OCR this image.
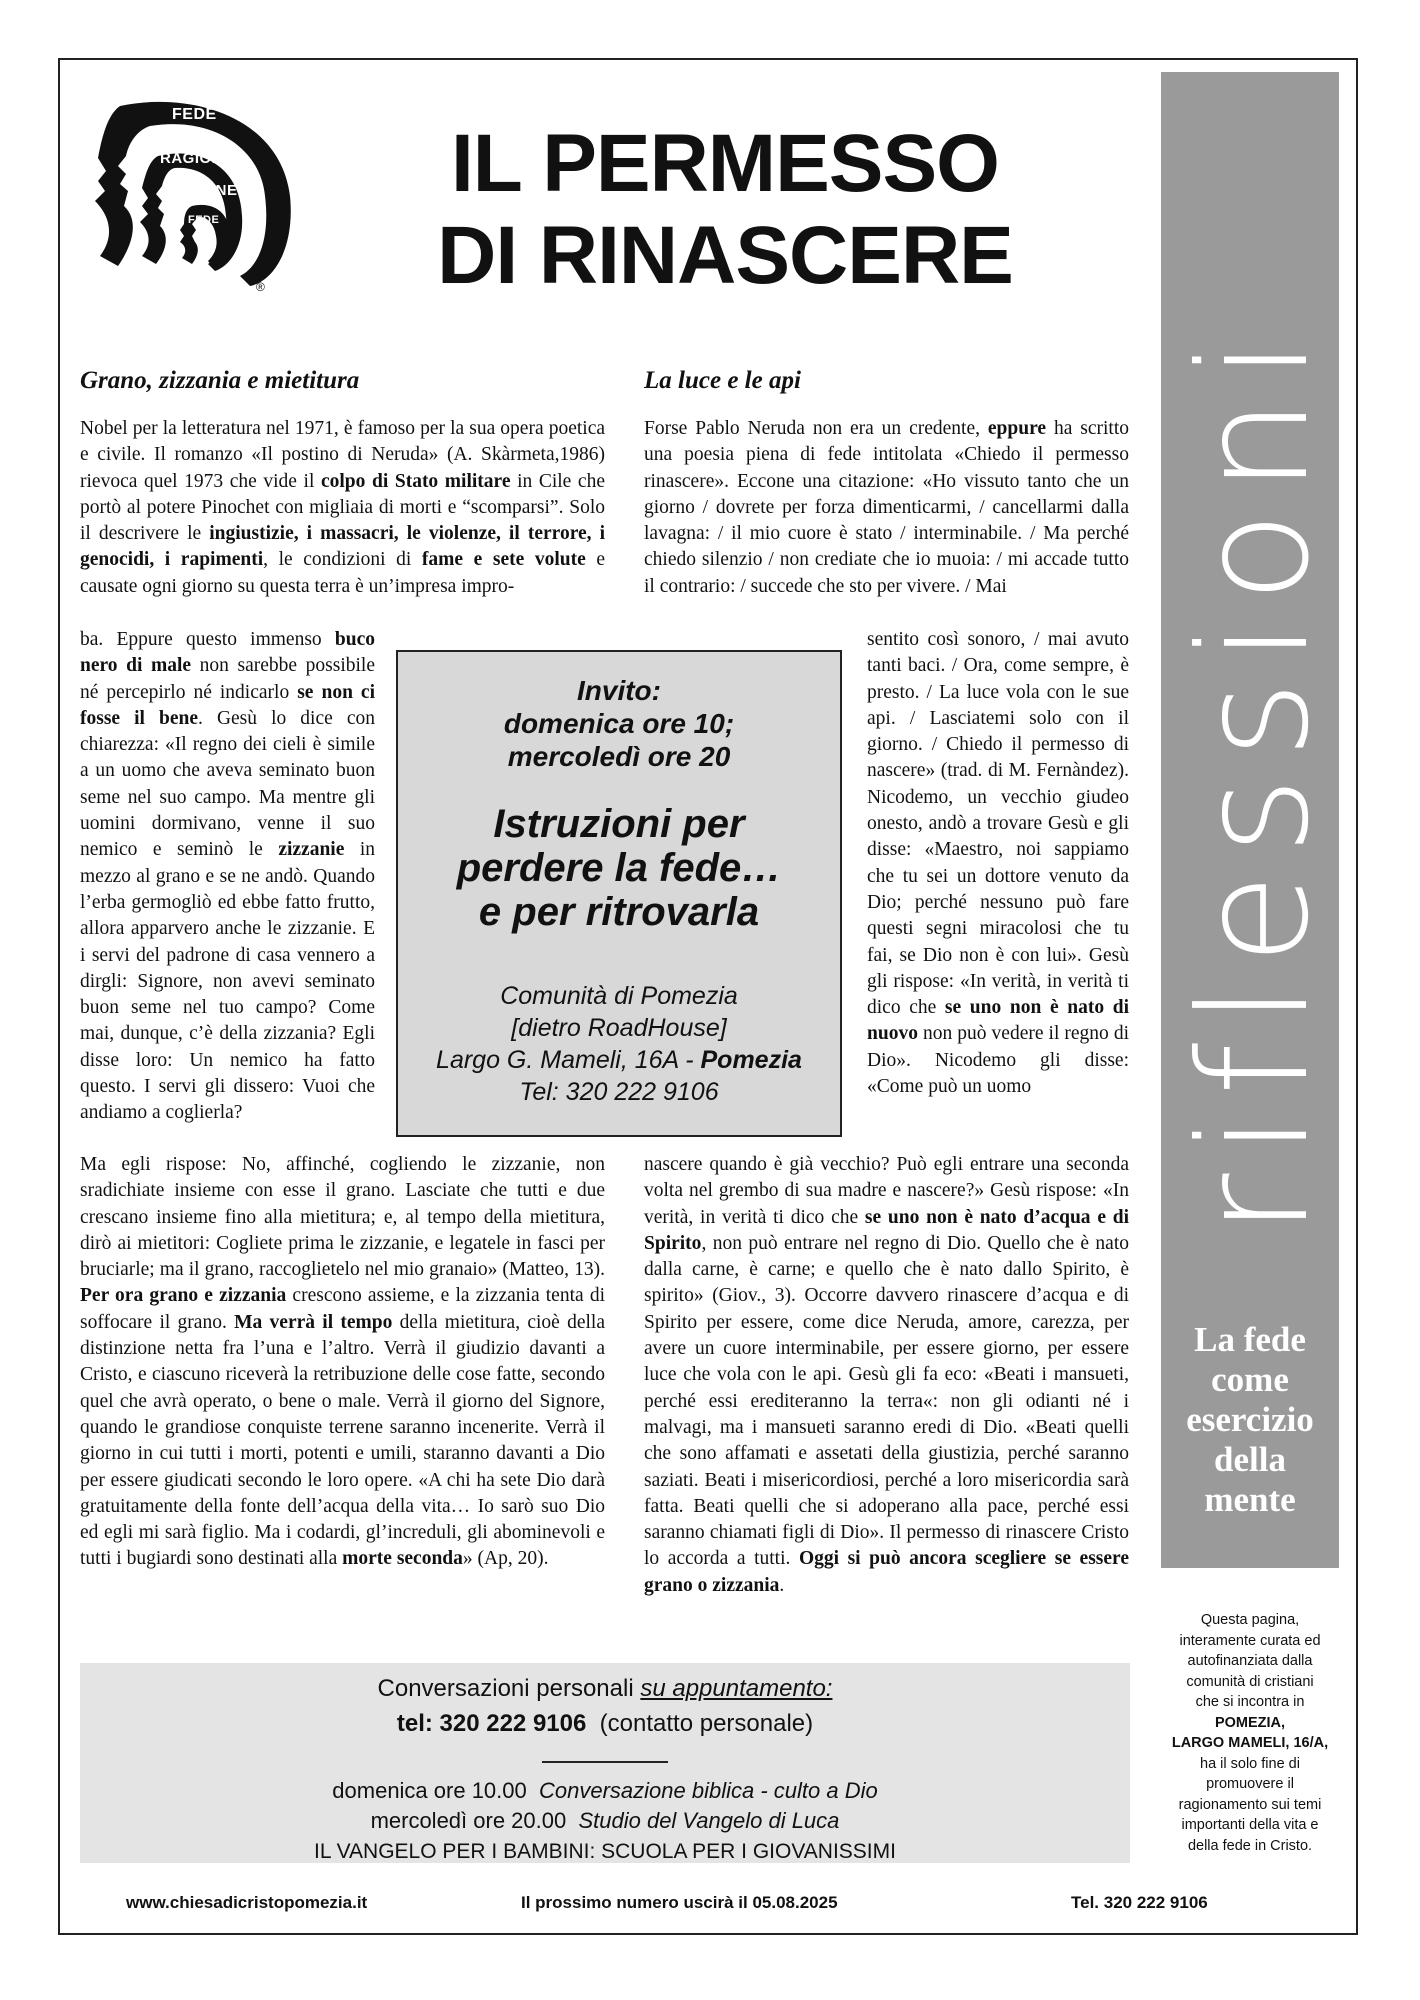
FEDE
RAGIONE
RAGIONE
FEDE
®
IL PERMESSO
DI RINASCERE
riflessioni
La fede
come
esercizio
della
mente
Questa pagina,
interamente curata ed
autofinanziata dalla
comunità di cristiani
che si incontra in
POMEZIA,
LARGO MAMELI, 16/A,
ha il solo fine di
promuovere il
ragionamento sui temi
importanti della vita e
della fede in Cristo.
Grano, zizzania e mietitura

Nobel per la letteratura nel 1971, è famoso per la sua opera poetica e civile. Il romanzo «Il postino di Neruda» (A. Skàrmeta,1986) rievoca quel 1973 che vide il colpo di Stato militare in Cile che portò al potere Pinochet con migliaia di morti e “scomparsi”. Solo il descrivere le ingiustizie, i massacri, le violenze, il terrore, i genocidi, i rapimenti, le condizioni di fame e sete volute e causate ogni giorno su questa terra è un’impresa impro-

ba. Eppure questo immenso buco nero di male non sarebbe possibile né percepirlo né indicarlo se non ci fosse il bene. Gesù lo dice con chiarezza: «Il regno dei cieli è simile a un uomo che aveva seminato buon seme nel suo campo. Ma mentre gli uomini dormivano, venne il suo nemico e seminò le zizzanie in mezzo al grano e se ne andò. Quando l’erba germogliò ed ebbe fatto frutto, allora apparvero anche le zizzanie. E i servi del padrone di casa vennero a dirgli: Signore, non avevi seminato buon seme nel tuo campo? Come mai, dunque, c’è della zizzania? Egli disse loro: Un nemico ha fatto questo. I servi gli dissero: Vuoi che andiamo a coglierla?

Ma egli rispose: No, affinché, cogliendo le zizzanie, non sradichiate insieme con esse il grano. Lasciate che tutti e due crescano insieme fino alla mietitura; e, al tempo della mietitura, dirò ai mietitori: Cogliete prima le zizzanie, e legatele in fasci per bruciarle; ma il grano, raccoglietelo nel mio granaio» (Matteo, 13). Per ora grano e zizzania crescono assieme, e la zizzania tenta di soffocare il grano. Ma verrà il tempo della mietitura, cioè della distinzione netta fra l’una e l’altro. Verrà il giudizio davanti a Cristo, e ciascuno riceverà la retribuzione delle cose fatte, secondo quel che avrà operato, o bene o male. Verrà il giorno del Signore, quando le grandiose conquiste terrene saranno incenerite. Verrà il giorno in cui tutti i morti, potenti e umili, staranno davanti a Dio per essere giudicati secondo le loro opere. «A chi ha sete Dio darà gratuitamente della fonte dell’acqua della vita… Io sarò suo Dio ed egli mi sarà figlio. Ma i codardi, gl’increduli, gli abominevoli e tutti i bugiardi sono destinati alla morte seconda» (Ap, 20).

La luce e le api

Forse Pablo Neruda non era un credente, eppure ha scritto una poesia piena di fede intitolata «Chiedo il permesso rinascere». Eccone una citazione: «Ho vissuto tanto che un giorno / dovrete per forza dimenticarmi, / cancellarmi dalla lavagna: / il mio cuore è stato / interminabile. / Ma perché chiedo silenzio / non crediate che io muoia: / mi accade tutto il contrario: / succede che sto per vivere. / Mai

sentito così sonoro, / mai avuto tanti baci. / Ora, come sempre, è presto. / La luce vola con le sue api. / Lasciatemi solo con il giorno. / Chiedo il permesso di nascere» (trad. di M. Fernàndez). Nicodemo, un vecchio giudeo onesto, andò a trovare Gesù e gli disse: «Maestro, noi sappiamo che tu sei un dottore venuto da Dio; perché nessuno può fare questi segni miracolosi che tu fai, se Dio non è con lui». Gesù gli rispose: «In verità, in verità ti dico che se uno non è nato di nuovo non può vedere il regno di Dio». Nicodemo gli disse: «Come può un uomo

nascere quando è già vecchio? Può egli entrare una seconda volta nel grembo di sua madre e nascere?» Gesù rispose: «In verità, in verità ti dico che se uno non è nato d’acqua e di Spirito, non può entrare nel regno di Dio. Quello che è nato dalla carne, è carne; e quello che è nato dallo Spirito, è spirito» (Giov., 3). Occorre davvero rinascere d’acqua e di Spirito per essere, come dice Neruda, amore, carezza, per avere un cuore interminabile, per essere giorno, per essere luce che vola con le api. Gesù gli fa eco: «Beati i mansueti, perché essi erediteranno la terra«: non gli odianti né i malvagi, ma i mansueti saranno eredi di Dio. «Beati quelli che sono affamati e assetati della giustizia, perché saranno saziati. Beati i misericordiosi, perché a loro misericordia sarà fatta. Beati quelli che si adoperano alla pace, perché essi saranno chiamati figli di Dio». Il permesso di rinascere Cristo lo accorda a tutti. Oggi si può ancora scegliere se essere grano o zizzania.

Invito:
domenica ore 10;
mercoledì ore 20
Istruzioni per
perdere la fede…
e per ritrovarla
Comunità di Pomezia
[dietro RoadHouse]
Largo G. Mameli, 16A - Pomezia
Tel: 320 222 9106
Conversazioni personali su appuntamento:
tel: 320 222 9106  (contatto personale)
domenica ore 10.00  Conversazione biblica - culto a Dio
mercoledì ore 20.00  Studio del Vangelo di Luca
IL VANGELO PER I BAMBINI: SCUOLA PER I GIOVANISSIMI
www.chiesadicristopomezia.it	Il prossimo numero uscirà il 05.08.2025	Tel. 320 222 9106
